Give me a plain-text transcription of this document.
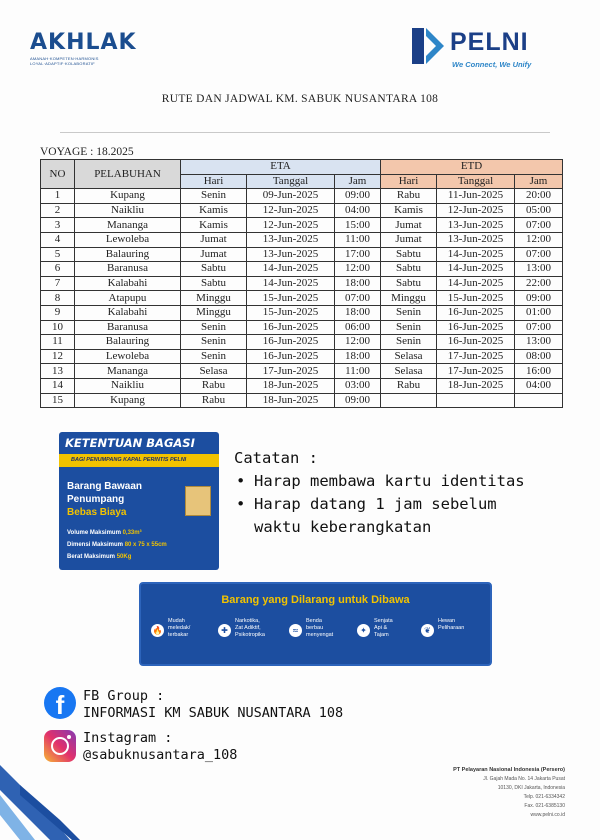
AKHLAK
AMANAH·KOMPETEN·HARMONIS LOYAL·ADAPTIF·KOLABORATIF
PELNI
We Connect, We Unify
RUTE DAN JADWAL KM. SABUK NUSANTARA 108
VOYAGE : 18.2025
NO	PELABUHAN	ETA			ETD		
		Hari	Tanggal	Jam	Hari	Tanggal	Jam
1	Kupang	Senin	09-Jun-2025	09:00	Rabu	11-Jun-2025	20:00
2	Naikliu	Kamis	12-Jun-2025	04:00	Kamis	12-Jun-2025	05:00
3	Mananga	Kamis	12-Jun-2025	15:00	Jumat	13-Jun-2025	07:00
4	Lewoleba	Jumat	13-Jun-2025	11:00	Jumat	13-Jun-2025	12:00
5	Balauring	Jumat	13-Jun-2025	17:00	Sabtu	14-Jun-2025	07:00
6	Baranusa	Sabtu	14-Jun-2025	12:00	Sabtu	14-Jun-2025	13:00
7	Kalabahi	Sabtu	14-Jun-2025	18:00	Sabtu	14-Jun-2025	22:00
8	Atapupu	Minggu	15-Jun-2025	07:00	Minggu	15-Jun-2025	09:00
9	Kalabahi	Minggu	15-Jun-2025	18:00	Senin	16-Jun-2025	01:00
10	Baranusa	Senin	16-Jun-2025	06:00	Senin	16-Jun-2025	07:00
11	Balauring	Senin	16-Jun-2025	12:00	Senin	16-Jun-2025	13:00
12	Lewoleba	Senin	16-Jun-2025	18:00	Selasa	17-Jun-2025	08:00
13	Mananga	Selasa	17-Jun-2025	11:00	Selasa	17-Jun-2025	16:00
14	Naikliu	Rabu	18-Jun-2025	03:00	Rabu	18-Jun-2025	04:00
15	Kupang	Rabu	18-Jun-2025	09:00			
KETENTUAN BAGASI
BAGI PENUMPANG KAPAL PERINTIS PELNI
Barang Bawaan
Penumpang
Bebas Biaya
Volume Maksimum 0,33m³
Dimensi Maksimum 80 x 75 x 55cm
Berat Maksimum 50Kg
Catatan :
• Harap membawa kartu identitas
• Harap datang 1 jam sebelum
waktu keberangkatan
Barang yang Dilarang untuk Dibawa
🔥
Mudah
meledak/
terbakar	✚
Narkotika,
Zat Adiktif,
Psikotropika	≈
Benda
berbau
menyengat	✦
Senjata
Api &
Tajam	❦
Hewan
Peliharaan
f	FB Group :
INFORMASI KM SABUK NUSANTARA 108
Instagram :
@sabuknusantara_108
PT Pelayaran Nasional Indonesia (Persero)
Jl. Gajah Mada No. 14 Jakarta Pusat
10130, DKI Jakarta, Indonesia
Telp. 021-6334342
Fax. 021-6385130
www.pelni.co.id
